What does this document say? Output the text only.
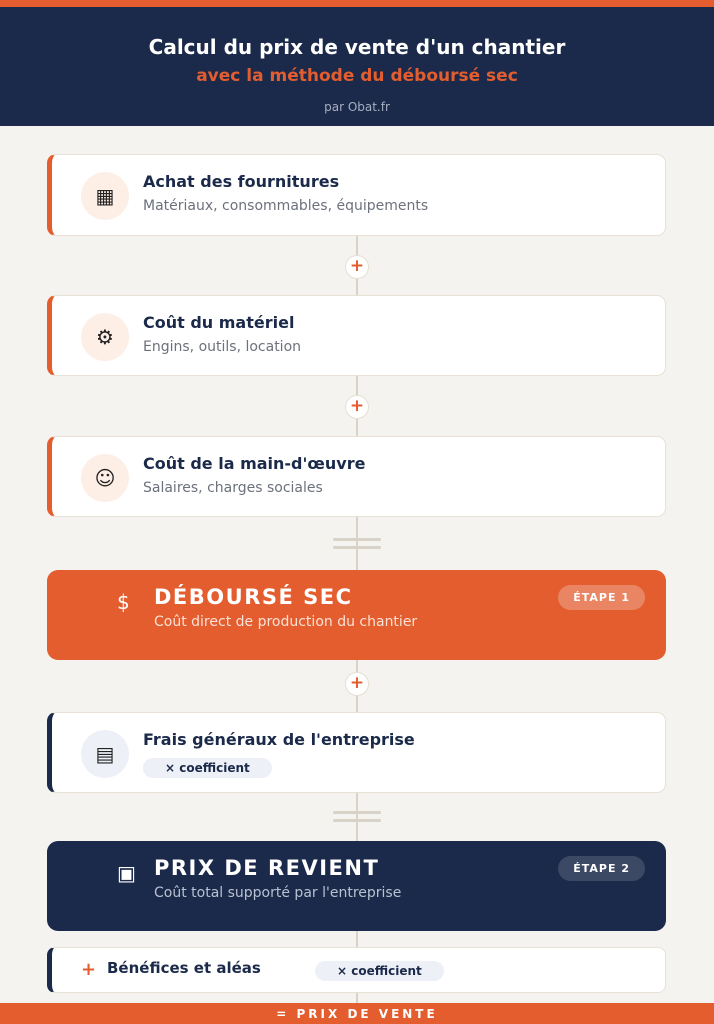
Calcul du prix de vente d'un chantier
avec la méthode du déboursé sec
par Obat.fr
▦
Achat des fournitures
Matériaux, consommables, équipements
+
⚙
Coût du matériel
Engins, outils, location
+
☺
Coût de la main-d'œuvre
Salaires, charges sociales
$ DÉBOURSÉ SEC
Coût direct de production du chantier
ÉTAPE 1
+
▤
Frais généraux de l'entreprise
× coefficient
▣ PRIX DE REVIENT
Coût total supporté par l'entreprise
ÉTAPE 2
+ Bénéfices et aléas	× coefficient
= PRIX DE VENTE
